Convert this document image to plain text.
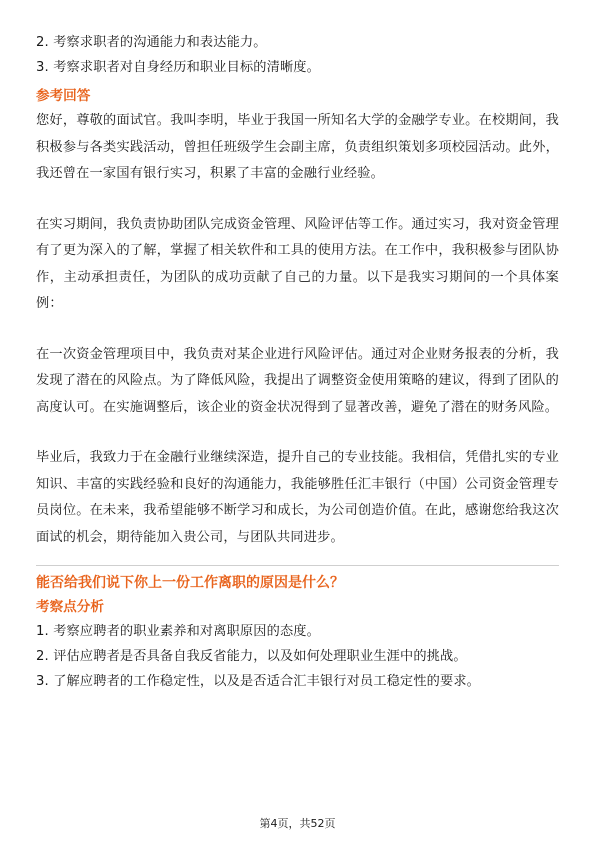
2. 考察求职者的沟通能力和表达能力。

3. 考察求职者对自身经历和职业目标的清晰度。

参考回答

您好，尊敬的面试官。我叫李明，毕业于我国一所知名大学的金融学专业。在校期间，我积极参与各类实践活动，曾担任班级学生会副主席，负责组织策划多项校园活动。此外，我还曾在一家国有银行实习，积累了丰富的金融行业经验。

在实习期间，我负责协助团队完成资金管理、风险评估等工作。通过实习，我对资金管理有了更为深入的了解，掌握了相关软件和工具的使用方法。在工作中，我积极参与团队协作，主动承担责任，为团队的成功贡献了自己的力量。以下是我实习期间的一个具体案例：

在一次资金管理项目中，我负责对某企业进行风险评估。通过对企业财务报表的分析，我发现了潜在的风险点。为了降低风险，我提出了调整资金使用策略的建议，得到了团队的高度认可。在实施调整后，该企业的资金状况得到了显著改善，避免了潜在的财务风险。

毕业后，我致力于在金融行业继续深造，提升自己的专业技能。我相信，凭借扎实的专业知识、丰富的实践经验和良好的沟通能力，我能够胜任汇丰银行（中国）公司资金管理专员岗位。在未来，我希望能够不断学习和成长，为公司创造价值。在此，感谢您给我这次面试的机会，期待能加入贵公司，与团队共同进步。

能否给我们说下你上一份工作离职的原因是什么？

考察点分析

1. 考察应聘者的职业素养和对离职原因的态度。

2. 评估应聘者是否具备自我反省能力，以及如何处理职业生涯中的挑战。

3. 了解应聘者的工作稳定性，以及是否适合汇丰银行对员工稳定性的要求。

第4页，共52页
